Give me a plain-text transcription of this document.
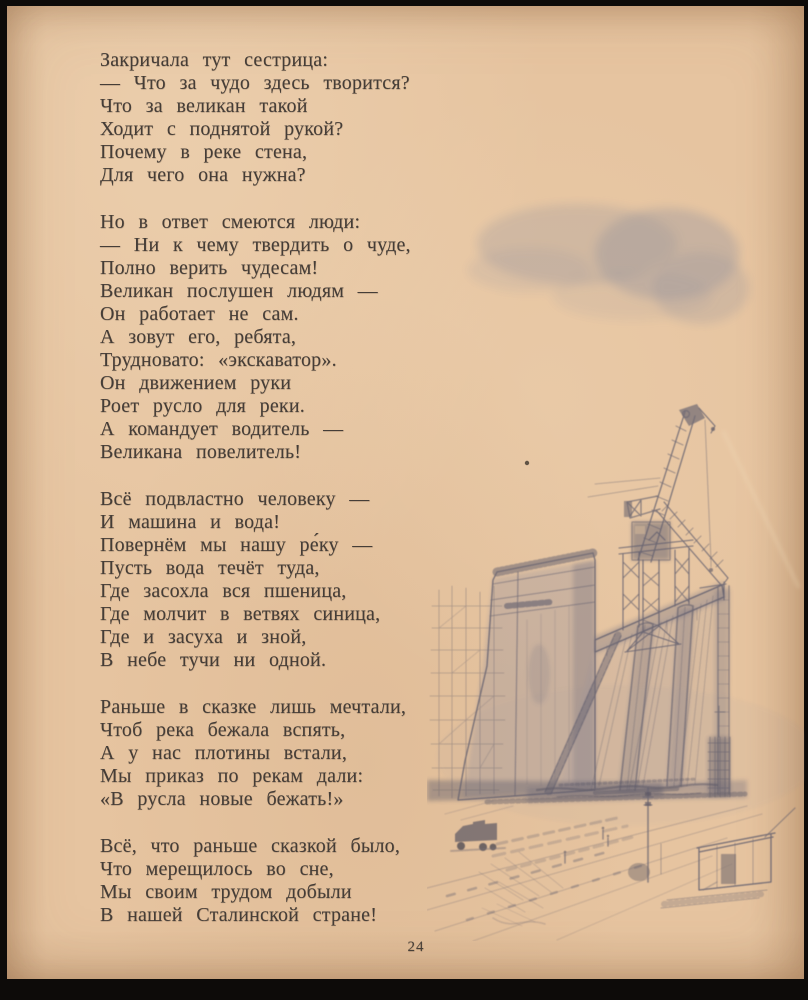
Закричала тут сестрица:
— Что за чудо здесь творится?
Что за великан такой
Ходит с поднятой рукой?
Почему в реке стена,
Для чего она нужна?
Но в ответ смеются люди:
— Ни к чему твердить о чуде,
Полно верить чудесам!
Великан послушен людям —
Он работает не сам.
А зовут его, ребята,
Трудновато: «экскаватор».
Он движением руки
Роет русло для реки.
А командует водитель —
Великана повелитель!
Всё подвластно человеку —
И машина и вода!
Повернём мы нашу ре́ку —
Пусть вода течёт туда,
Где засохла вся пшеница,
Где молчит в ветвях синица,
Где и засуха и зной,
В небе тучи ни одной.
Раньше в сказке лишь мечтали,
Чтоб река бежала вспять,
А у нас плотины встали,
Мы приказ по рекам дали:
«В русла новые бежать!»
Всё, что раньше сказкой было,
Что мерещилось во сне,
Мы своим трудом добыли
В нашей Сталинской стране!
24
